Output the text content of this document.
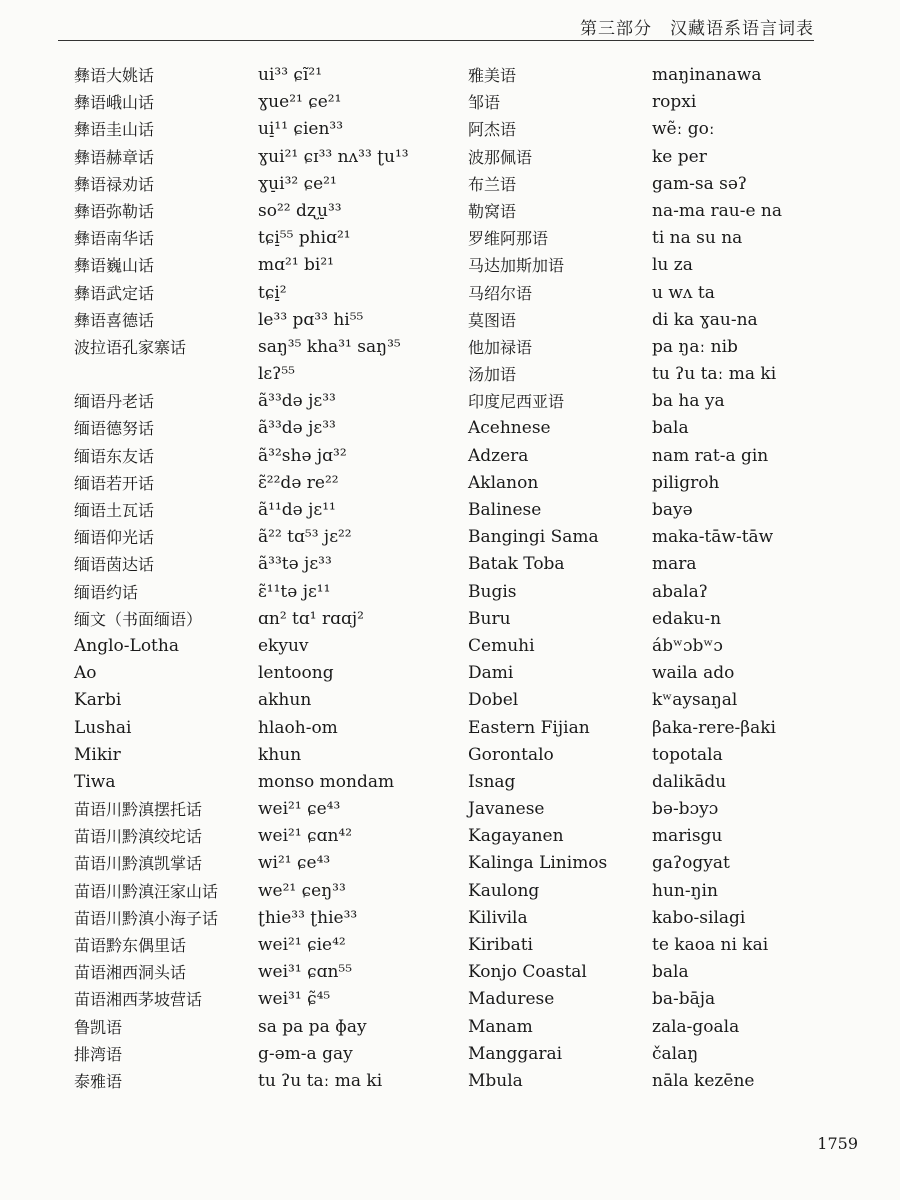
第三部分　汉藏语系语言词表
彝语大姚话
彝语峨山话
彝语圭山话
彝语赫章话
彝语禄劝话
彝语弥勒话
彝语南华话
彝语巍山话
彝语武定话
彝语喜德话
波拉语孔家寨话
缅语丹老话
缅语德努话
缅语东友话
缅语若开话
缅语土瓦话
缅语仰光话
缅语茵达话
缅语约话
缅文（书面缅语）
Anglo-Lotha
Ao
Karbi
Lushai
Mikir
Tiwa
苗语川黔滇摆托话
苗语川黔滇绞坨话
苗语川黔滇凯掌话
苗语川黔滇汪家山话
苗语川黔滇小海子话
苗语黔东偶里话
苗语湘西洞头话
苗语湘西茅坡营话
鲁凯语
排湾语
泰雅语
ui³³ ɕĩ²¹
ɣue²¹ ɕe²¹
ui̠¹¹ ɕien³³
ɣui²¹ ɕɪ³³ nʌ³³ ʈu¹³
ɣu̠i³² ɕe²¹
so²² dʐu̠³³
tɕi̠⁵⁵ phiɑ²¹
mɑ²¹ bi²¹
tɕi̠²
le³³ pɑ³³ hi⁵⁵
saŋ³⁵ kha³¹ saŋ³⁵
lɛʔ⁵⁵
ã³³də jɛ³³
ã³³də jɛ³³
ã³²shə jɑ³²
ɛ̃²²də re²²
ã¹¹də jɛ¹¹
ã²² tɑ⁵³ jɛ²²
ã³³tə jɛ³³
ɛ̃¹¹tə jɛ¹¹
ɑn² tɑ¹ rɑɑj²
ekyuv
lentoong
akhun
hlaoh-om
khun
monso mondam
wei²¹ ɕe⁴³
wei²¹ ɕɑn⁴²
wi²¹ ɕe⁴³
we²¹ ɕeŋ³³
ʈhie³³ ʈhie³³
wei²¹ ɕie⁴²
wei³¹ ɕɑn⁵⁵
wei³¹ ɕ̃⁴⁵
sa pa pa ɸay
g-əm-a gay
tu ʔu taː ma ki
雅美语
邹语
阿杰语
波那佩语
布兰语
勒窝语
罗维阿那语
马达加斯加语
马绍尔语
莫图语
他加禄语
汤加语
印度尼西亚语
Acehnese
Adzera
Aklanon
Balinese
Bangingi Sama
Batak Toba
Bugis
Buru
Cemuhi
Dami
Dobel
Eastern Fijian
Gorontalo
Isnag
Javanese
Kagayanen
Kalinga Linimos
Kaulong
Kilivila
Kiribati
Konjo Coastal
Madurese
Manam
Manggarai
Mbula
maŋinanawa
ropxi
wẽː goː
ke per
gam-sa səʔ
na-ma rau-e na
ti na su na
lu za
u wʌ ta
di ka ɣau-na
pa ŋaː nib
tu ʔu taː ma ki
ba ha ya
bala
nam rat-a gin
piligroh
bayə
maka-tāw-tāw
mara
abalaʔ
edaku-n
ábʷɔbʷɔ
waila ado
kʷaysaŋal
βaka-rere-βaki
topotala
dalikādu
bə-bɔyɔ
marisgu
gaʔogyat
hun-ŋin
kabo-silagi
te kaoa ni kai
bala
ba-bāja
zala-goala
čalaŋ
nāla kezēne
1759
